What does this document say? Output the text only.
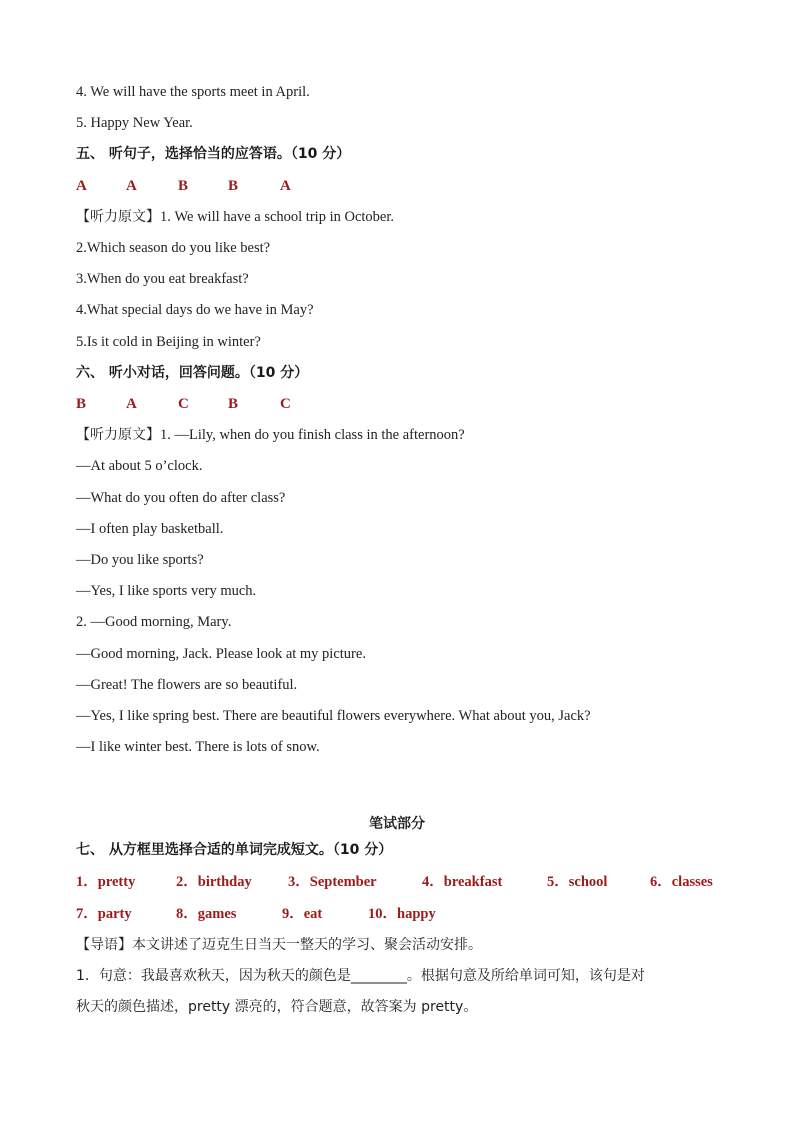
4. We will have the sports meet in April.
5. Happy New Year.
五、 听句子，选择恰当的应答语。（10 分）
A	A	B	B	A
【听力原文】1. We will have a school trip in October.
2.Which season do you like best?
3.When do you eat breakfast?
4.What special days do we have in May?
5.Is it cold in Beijing in winter?
六、 听小对话，回答问题。（10 分）
B	A	C	B	C
【听力原文】1. —Lily, when do you finish class in the afternoon?
—At about 5 o’clock.
—What do you often do after class?
—I often play basketball.
—Do you like sports?
—Yes, I like sports very much.
2. —Good morning, Mary.
—Good morning, Jack. Please look at my picture.
—Great! The flowers are so beautiful.
—Yes, I like spring best. There are beautiful flowers everywhere. What about you, Jack?
—I like winter best. There is lots of snow.
笔试部分
七、 从方框里选择合适的单词完成短文。（10 分）
1．pretty	2．birthday	3．September	4．breakfast	5．school	6．classes
7．party	8．games	9．eat	10．happy
【导语】本文讲述了迈克生日当天一整天的学习、聚会活动安排。
1．句意：我最喜欢秋天，因为秋天的颜色是________。根据句意及所给单词可知，该句是对
秋天的颜色描述，pretty 漂亮的，符合题意，故答案为 pretty。
